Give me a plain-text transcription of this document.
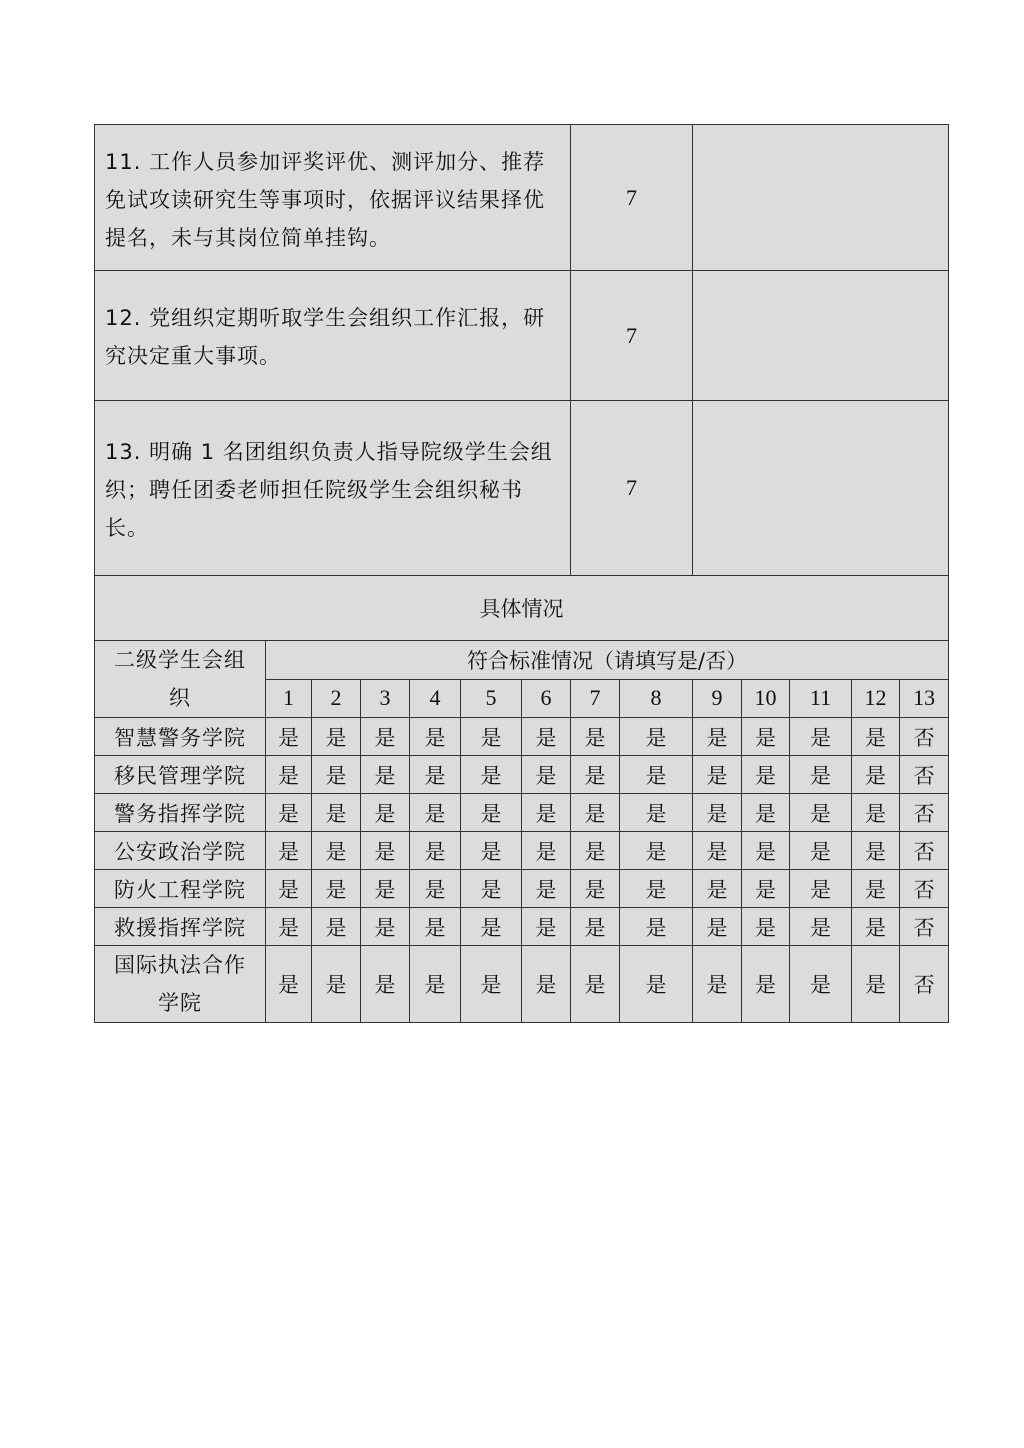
11. 工作人员参加评奖评优、测评加分、推荐免试攻读研究生等事项时，依据评议结果择优提名，未与其岗位简单挂钩。	7	
12. 党组织定期听取学生会组织工作汇报，研究决定重大事项。	7	
13. 明确 1 名团组织负责人指导院级学生会组织；聘任团委老师担任院级学生会组织秘书长。	7	
具体情况		
二级学生会组织	符合标准情况（请填写是/否）												
	1	2	3	4	5	6	7	8	9	10	11	12	13
智慧警务学院	是	是	是	是	是	是	是	是	是	是	是	是	否
移民管理学院	是	是	是	是	是	是	是	是	是	是	是	是	否
警务指挥学院	是	是	是	是	是	是	是	是	是	是	是	是	否
公安政治学院	是	是	是	是	是	是	是	是	是	是	是	是	否
防火工程学院	是	是	是	是	是	是	是	是	是	是	是	是	否
救援指挥学院	是	是	是	是	是	是	是	是	是	是	是	是	否
国际执法合作学院	是	是	是	是	是	是	是	是	是	是	是	是	否
